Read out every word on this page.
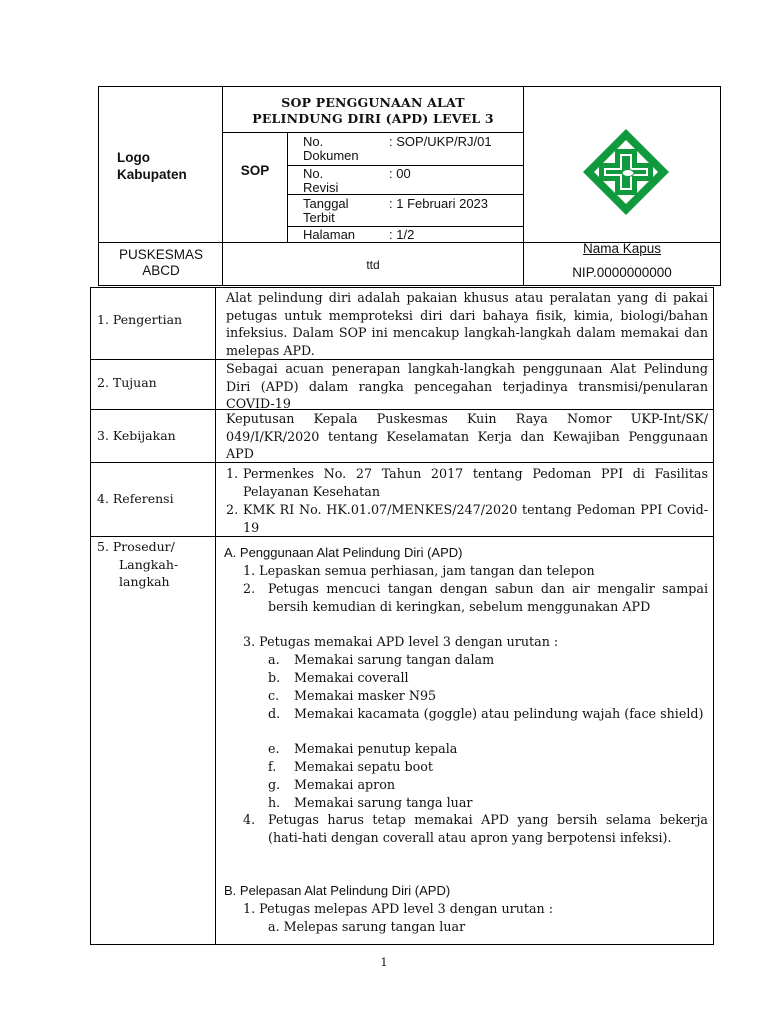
Logo
Kabupaten
SOP PENGGUNAAN ALAT
PELINDUNG DIRI (APD) LEVEL 3
SOP
No.
Dokumen
: SOP/UKP/RJ/01
No.
Revisi
: 00
Tanggal
Terbit
: 1 Februari 2023
Halaman	: 1/2
PUSKESMAS
ABCD	ttd
Nama Kapus
NIP.0000000000
1. Pengertian
Alat pelindung diri adalah pakaian khusus atau peralatan yang di pakai petugas untuk memproteksi diri dari bahaya fisik, kimia, biologi/bahan infeksius. Dalam SOP ini mencakup langkah-langkah dalam memakai dan melepas APD.
2. Tujuan
Sebagai acuan penerapan langkah-langkah penggunaan Alat Pelindung Diri (APD) dalam rangka pencegahan terjadinya transmisi/penularan COVID-19
3. Kebijakan
Keputusan Kepala Puskesmas Kuin Raya Nomor UKP-Int/SK/ 049/I/KR/2020 tentang Keselamatan Kerja dan Kewajiban Penggunaan APD
4. Referensi
1. Permenkes No. 27 Tahun 2017 tentang Pedoman PPI di Fasilitas Pelayanan Kesehatan
2. KMK RI No. HK.01.07/MENKES/247/2020 tentang Pedoman PPI Covid-19
5. Prosedur/
Langkah-
langkah
A. Penggunaan Alat Pelindung Diri (APD)
1. Lepaskan semua perhiasan, jam tangan dan telepon
2. Petugas mencuci tangan dengan sabun dan air mengalir sampai bersih kemudian di keringkan, sebelum menggunakan APD
3. Petugas memakai APD level 3 dengan urutan :
a. Memakai sarung tangan dalam
b. Memakai coverall
c. Memakai masker N95
d. Memakai kacamata (goggle) atau pelindung wajah (face shield)
e. Memakai penutup kepala
f. Memakai sepatu boot
g. Memakai apron
h. Memakai sarung tanga luar
4. Petugas harus tetap memakai APD yang bersih selama bekerja (hati-hati dengan coverall atau apron yang berpotensi infeksi).
B. Pelepasan Alat Pelindung Diri (APD)
1. Petugas melepas APD level 3 dengan urutan :
a. Melepas sarung tangan luar
1
